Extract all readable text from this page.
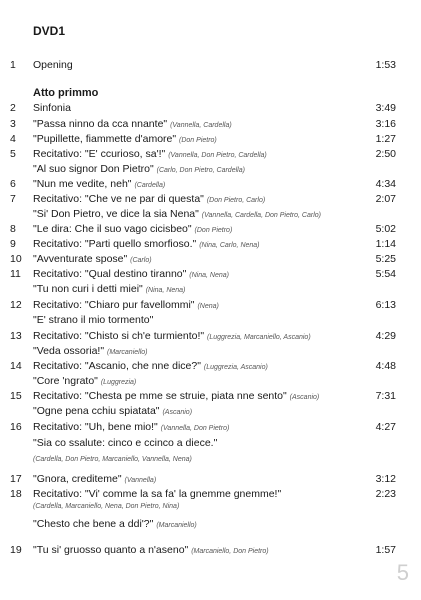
DVD1
1	Opening	1:53
Atto primmo
2	Sinfonia	3:49
3	"Passa ninno da cca nnante" (Vannella, Cardella)	3:16
4	"Pupillette, fiammette d'amore" (Don Pietro)	1:27
5	Recitativo: "E' ccurioso, sa'!" (Vannella, Don Pietro, Cardella)	2:50
"Al suo signor Don Pietro" (Carlo, Don Pietro, Cardella)
6	"Nun me vedite, neh" (Cardella)	4:34
7	Recitativo: "Che ve ne par di questa" (Don Pietro, Carlo)	2:07
"Si' Don Pietro, ve dice la sia Nena" (Vannella, Cardella, Don Pietro, Carlo)
8	"Le dira: Che il suo vago cicisbeo" (Don Pietro)	5:02
9	Recitativo: "Parti quello smorfioso." (Nina, Carlo, Nena)	1:14
10 "Avventurate spose" (Carlo)	5:25
11 Recitativo: "Qual destino tiranno" (Nina, Nena)	5:54
"Tu non curi i detti miei" (Nina, Nena)
12 Recitativo: "Chiaro pur favellommi" (Nena)	6:13
"E' strano il mio tormento"
13 Recitativo: "Chisto si ch'e turmiento!" (Luggrezia, Marcaniello, Ascanio)	4:29
"Veda ossoria!" (Marcaniello)
14 Recitativo: "Ascanio, che nne dice?" (Luggrezia, Ascanio)	4:48
"Core 'ngrato" (Luggrezia)
15 Recitativo: "Chesta pe mme se struie, piata nne sento" (Ascanio)	7:31
"Ogne pena cchiu spiatata" (Ascanio)
16 Recitativo: "Uh, bene mio!" (Vannella, Don Pietro)	4:27
"Sia co ssalute: cinco e ccinco a diece."
(Cardella, Don Pietro, Marcaniello, Vannella, Nena)
17 "Gnora, crediteme" (Vannella)	3:12
18 Recitativo: "Vi' comme la sa fa' la gnemme gnemme!"	2:23
(Cardella, Marcaniello, Nena, Don Pietro, Nina)
"Chesto che bene a ddi'?" (Marcaniello)
19 "Tu si' gruosso quanto a n'aseno" (Marcaniello, Don Pietro)	1:57
5
